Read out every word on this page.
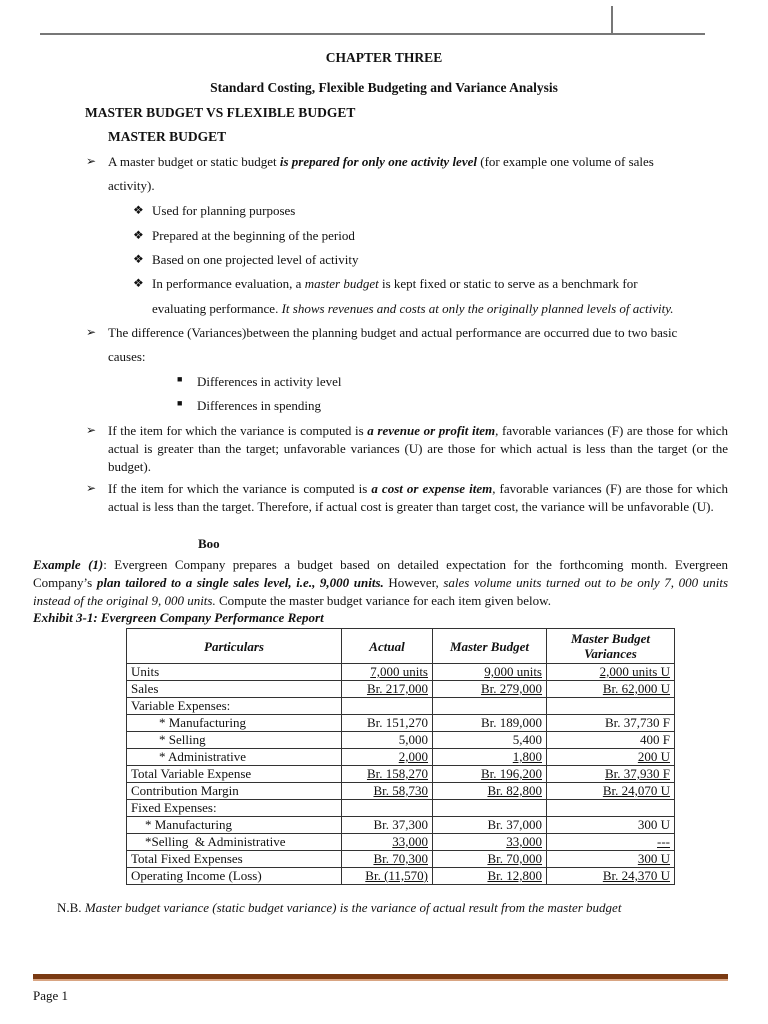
CHAPTER THREE
Standard Costing, Flexible Budgeting and Variance Analysis
MASTER BUDGET VS FLEXIBLE BUDGET
MASTER BUDGET
➢ A master budget or static budget is prepared for only one activity level (for example one volume of sales
activity).
❖ Used for planning purposes
❖ Prepared at the beginning of the period
❖ Based on one projected level of activity
❖ In performance evaluation, a master budget is kept fixed or static to serve as a benchmark for
evaluating performance. It shows revenues and costs at only the originally planned levels of activity.
➢ The difference (Variances)between the planning budget and actual performance are occurred due to two basic
causes:
■ Differences in activity level
■ Differences in spending
➢ If the item for which the variance is computed is a revenue or profit item, favorable variances (F) are those for which actual is greater than the target; unfavorable variances (U) are those for which actual is less than the target (or the budget).
➢ If the item for which the variance is computed is a cost or expense item, favorable variances (F) are those for which actual is less than the target. Therefore, if actual cost is greater than target cost, the variance will be unfavorable (U).
Boo
Example (1): Evergreen Company prepares a budget based on detailed expectation for the forthcoming month. Evergreen Company’s plan tailored to a single sales level, i.e., 9,000 units. However, sales volume units turned out to be only 7, 000 units instead of the original 9, 000 units. Compute the master budget variance for each item given below.
Exhibit 3-1: Evergreen Company Performance Report
Particulars	Actual	Master Budget	Master Budget Variances
Units	7,000 units	9,000 units	2,000 units U
Sales	Br. 217,000	Br. 279,000	Br. 62,000 U
Variable Expenses:			
* Manufacturing	Br. 151,270	Br. 189,000	Br. 37,730 F
* Selling	5,000	5,400	400 F
* Administrative	2,000	1,800	200 U
Total Variable Expense	Br. 158,270	Br. 196,200	Br. 37,930 F
Contribution Margin	Br. 58,730	Br. 82,800	Br. 24,070 U
Fixed Expenses:			
* Manufacturing	Br. 37,300	Br. 37,000	300 U
*Selling  & Administrative	33,000	33,000	---
Total Fixed Expenses	Br. 70,300	Br. 70,000	300 U
Operating Income (Loss)	Br. (11,570)	Br. 12,800	Br. 24,370 U
N.B. Master budget variance (static budget variance) is the variance of actual result from the master budget
Page 1
